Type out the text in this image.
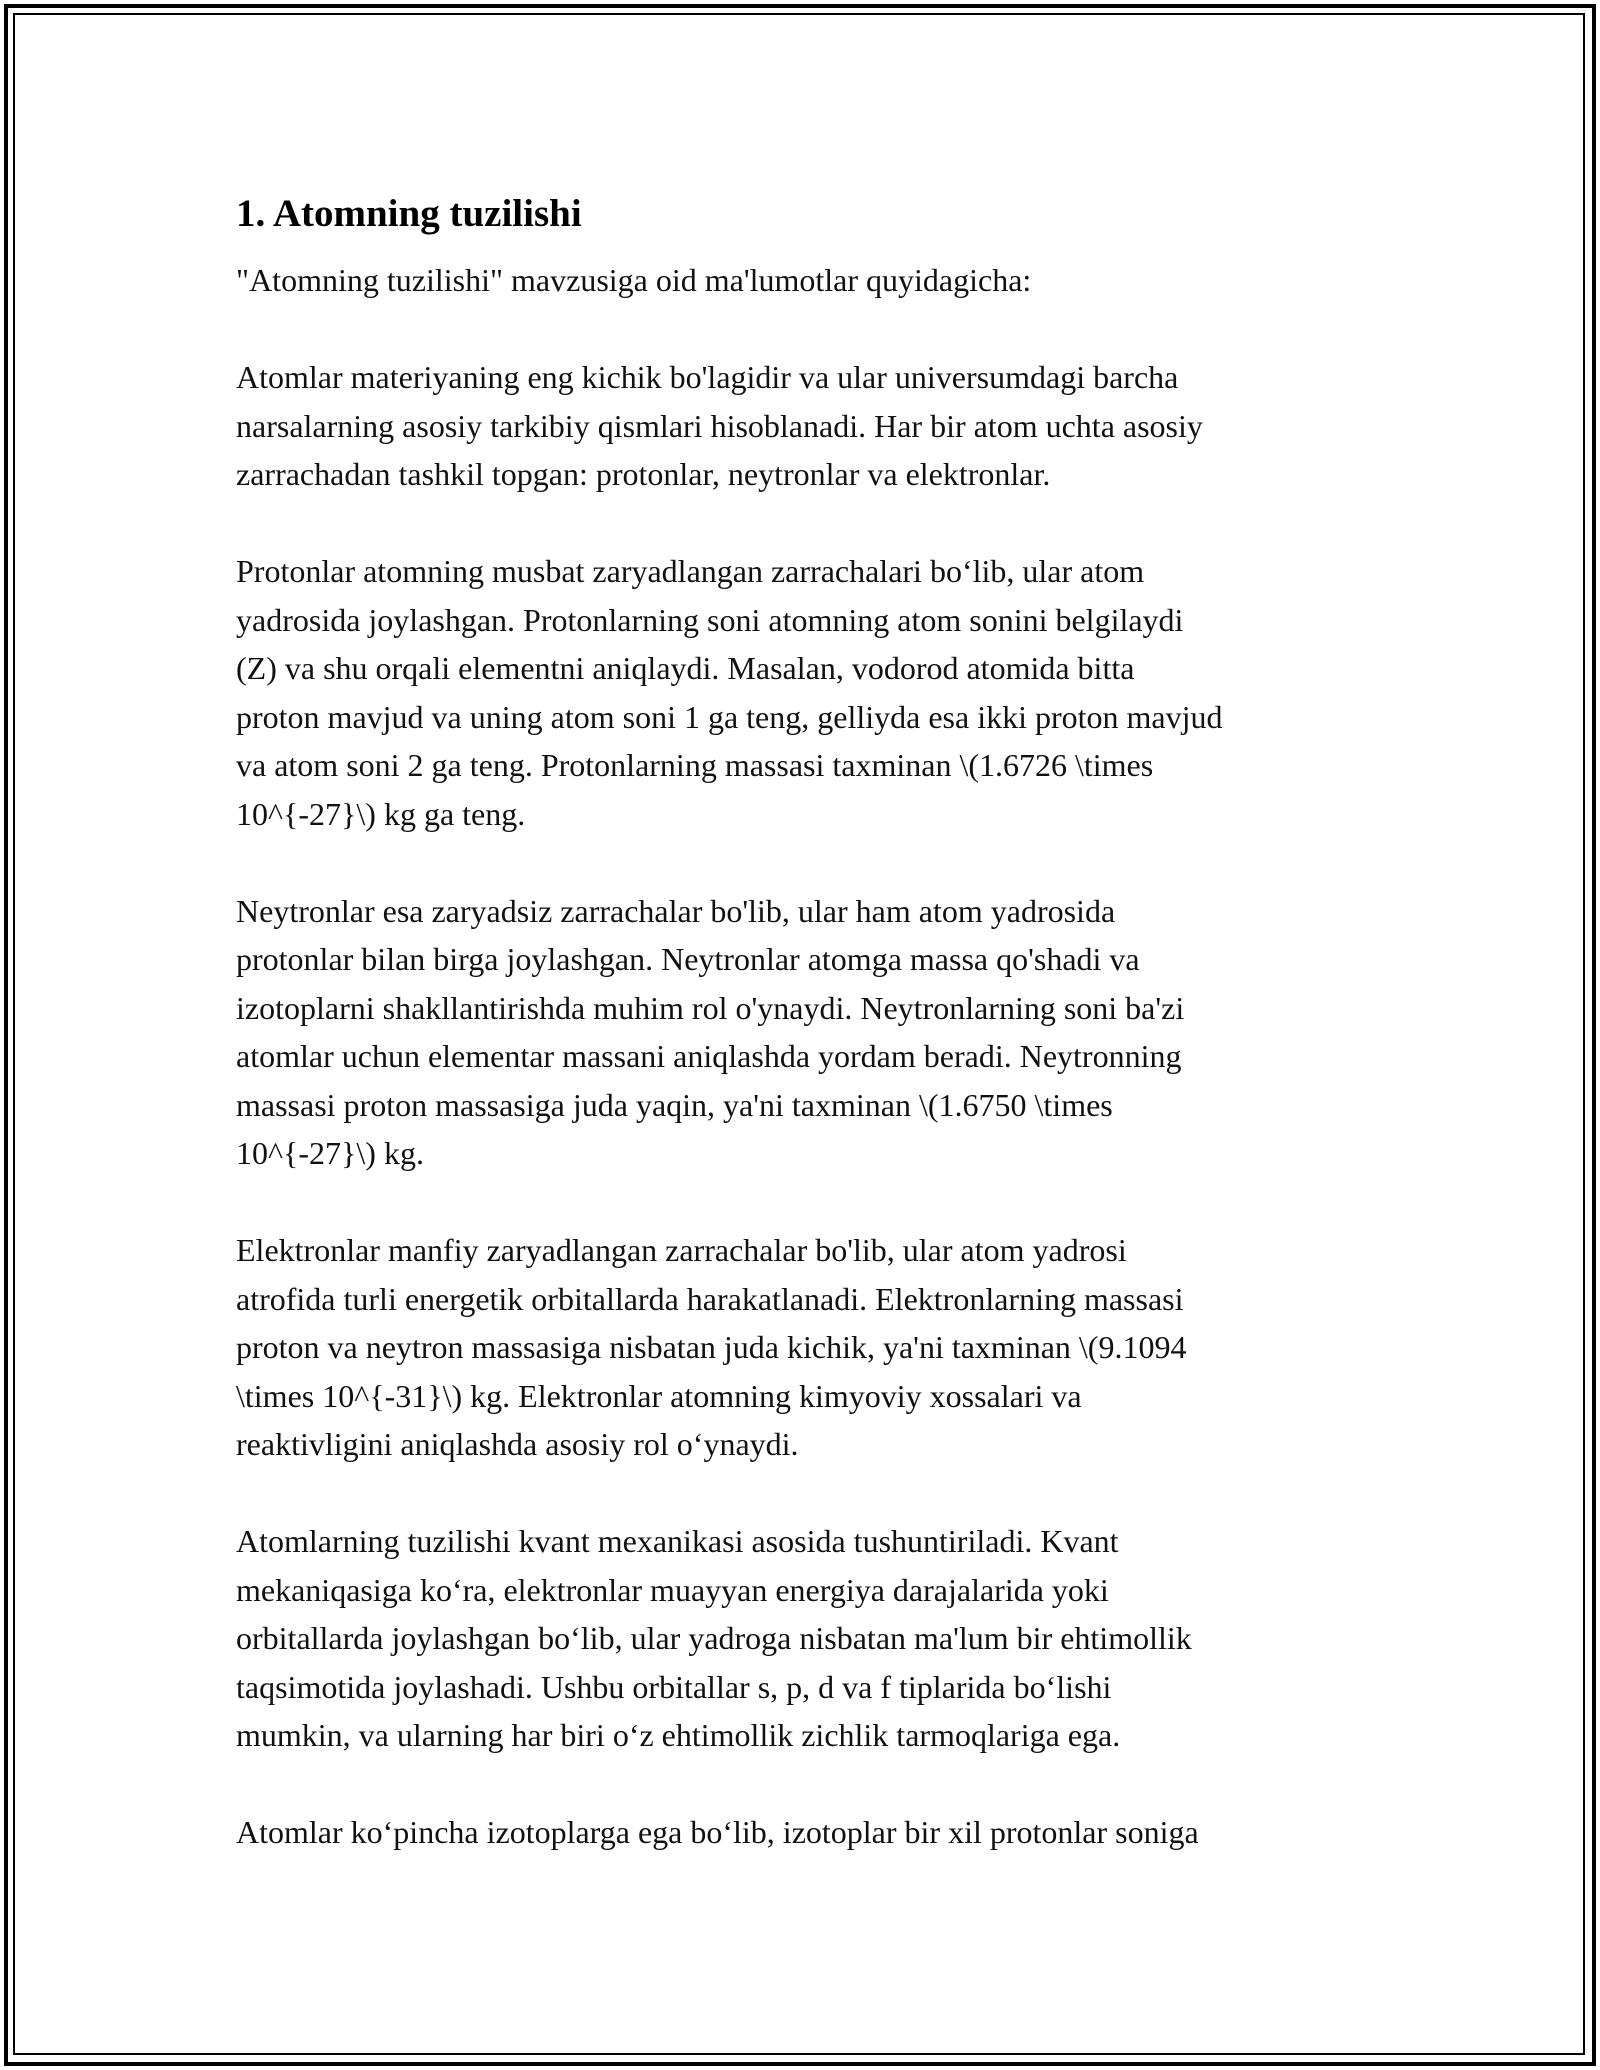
1. Atomning tuzilishi

"Atomning tuzilishi" mavzusiga oid ma'lumotlar quyidagicha:

Atomlar materiyaning eng kichik bo'lagidir va ular universumdagi barcha
narsalarning asosiy tarkibiy qismlari hisoblanadi. Har bir atom uchta asosiy
zarrachadan tashkil topgan: protonlar, neytronlar va elektronlar.

Protonlar atomning musbat zaryadlangan zarrachalari bo‘lib, ular atom
yadrosida joylashgan. Protonlarning soni atomning atom sonini belgilaydi
(Z) va shu orqali elementni aniqlaydi. Masalan, vodorod atomida bitta
proton mavjud va uning atom soni 1 ga teng, gelliyda esa ikki proton mavjud
va atom soni 2 ga teng. Protonlarning massasi taxminan \(1.6726 \times
10^{-27}\) kg ga teng.

Neytronlar esa zaryadsiz zarrachalar bo'lib, ular ham atom yadrosida
protonlar bilan birga joylashgan. Neytronlar atomga massa qo'shadi va
izotoplarni shakllantirishda muhim rol o'ynaydi. Neytronlarning soni ba'zi
atomlar uchun elementar massani aniqlashda yordam beradi. Neytronning
massasi proton massasiga juda yaqin, ya'ni taxminan \(1.6750 \times
10^{-27}\) kg.

Elektronlar manfiy zaryadlangan zarrachalar bo'lib, ular atom yadrosi
atrofida turli energetik orbitallarda harakatlanadi. Elektronlarning massasi
proton va neytron massasiga nisbatan juda kichik, ya'ni taxminan \(9.1094
\times 10^{-31}\) kg. Elektronlar atomning kimyoviy xossalari va
reaktivligini aniqlashda asosiy rol o‘ynaydi.

Atomlarning tuzilishi kvant mexanikasi asosida tushuntiriladi. Kvant
mekaniqasiga ko‘ra, elektronlar muayyan energiya darajalarida yoki
orbitallarda joylashgan bo‘lib, ular yadroga nisbatan ma'lum bir ehtimollik
taqsimotida joylashadi. Ushbu orbitallar s, p, d va f tiplarida bo‘lishi
mumkin, va ularning har biri o‘z ehtimollik zichlik tarmoqlariga ega.

Atomlar ko‘pincha izotoplarga ega bo‘lib, izotoplar bir xil protonlar soniga
